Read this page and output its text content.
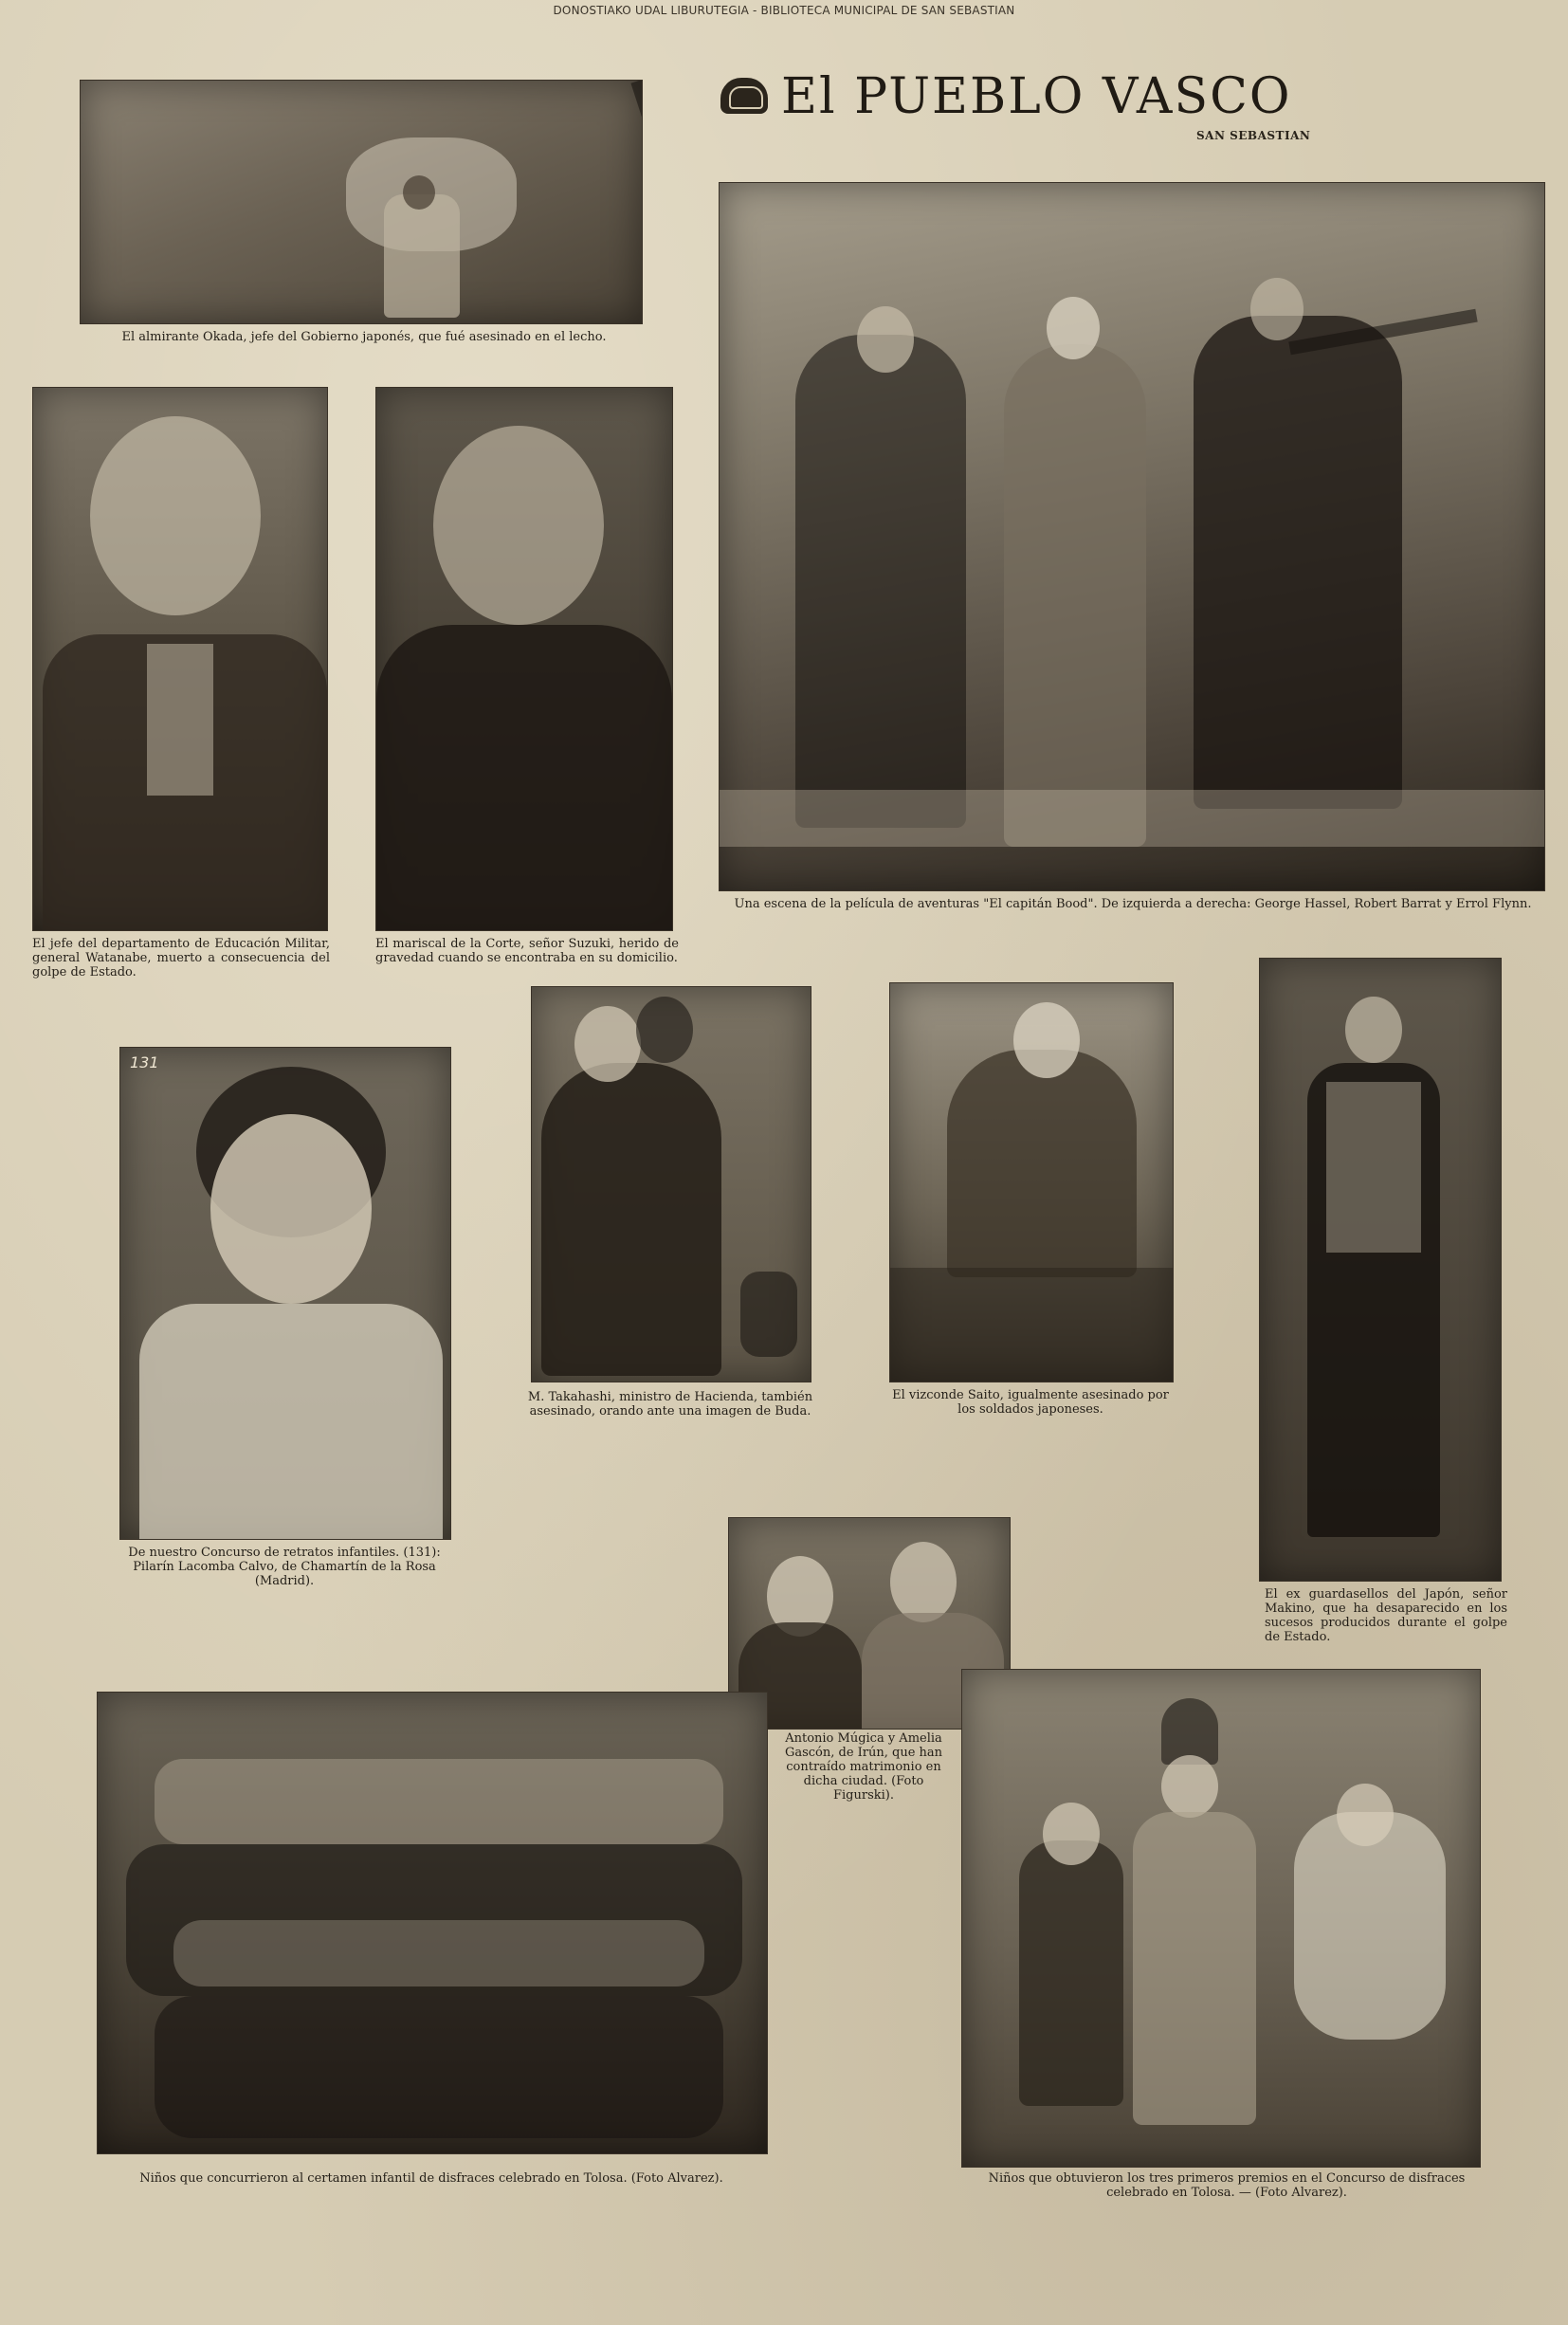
DONOSTIAKO UDAL LIBURUTEGIA - BIBLIOTECA MUNICIPAL DE SAN SEBASTIAN
El PUEBLO VASCO
SAN SEBASTIAN
El almirante Okada, jefe del Gobierno japonés, que fué asesinado en el lecho.
El jefe del departamento de Educación Militar, general Watanabe, muerto a consecuencia del golpe de Estado.
El mariscal de la Corte, señor Suzuki, herido de gravedad cuando se encontraba en su domicilio.
Una escena de la película de aventuras "El capitán Bood". De izquierda a derecha: George Hassel, Robert Barrat y Errol Flynn.
131
De nuestro Concurso de retratos infantiles. (131): Pilarín Lacomba Calvo, de Chamartín de la Rosa (Madrid).
M. Takahashi, ministro de Hacienda, también asesinado, orando ante una imagen de Buda.
El vizconde Saito, igualmente asesinado por los soldados japoneses.
El ex guardasellos del Japón, señor Makino, que ha desaparecido en los sucesos producidos durante el golpe de Estado.
Antonio Múgica y Amelia Gascón, de Irún, que han contraído matrimonio en dicha ciudad. (Foto Figurski).
Niños que concurrieron al certamen infantil de disfraces celebrado en Tolosa. (Foto Alvarez).	Niños que obtuvieron los tres primeros premios en el Concurso de disfraces celebrado en Tolosa. — (Foto Alvarez).
